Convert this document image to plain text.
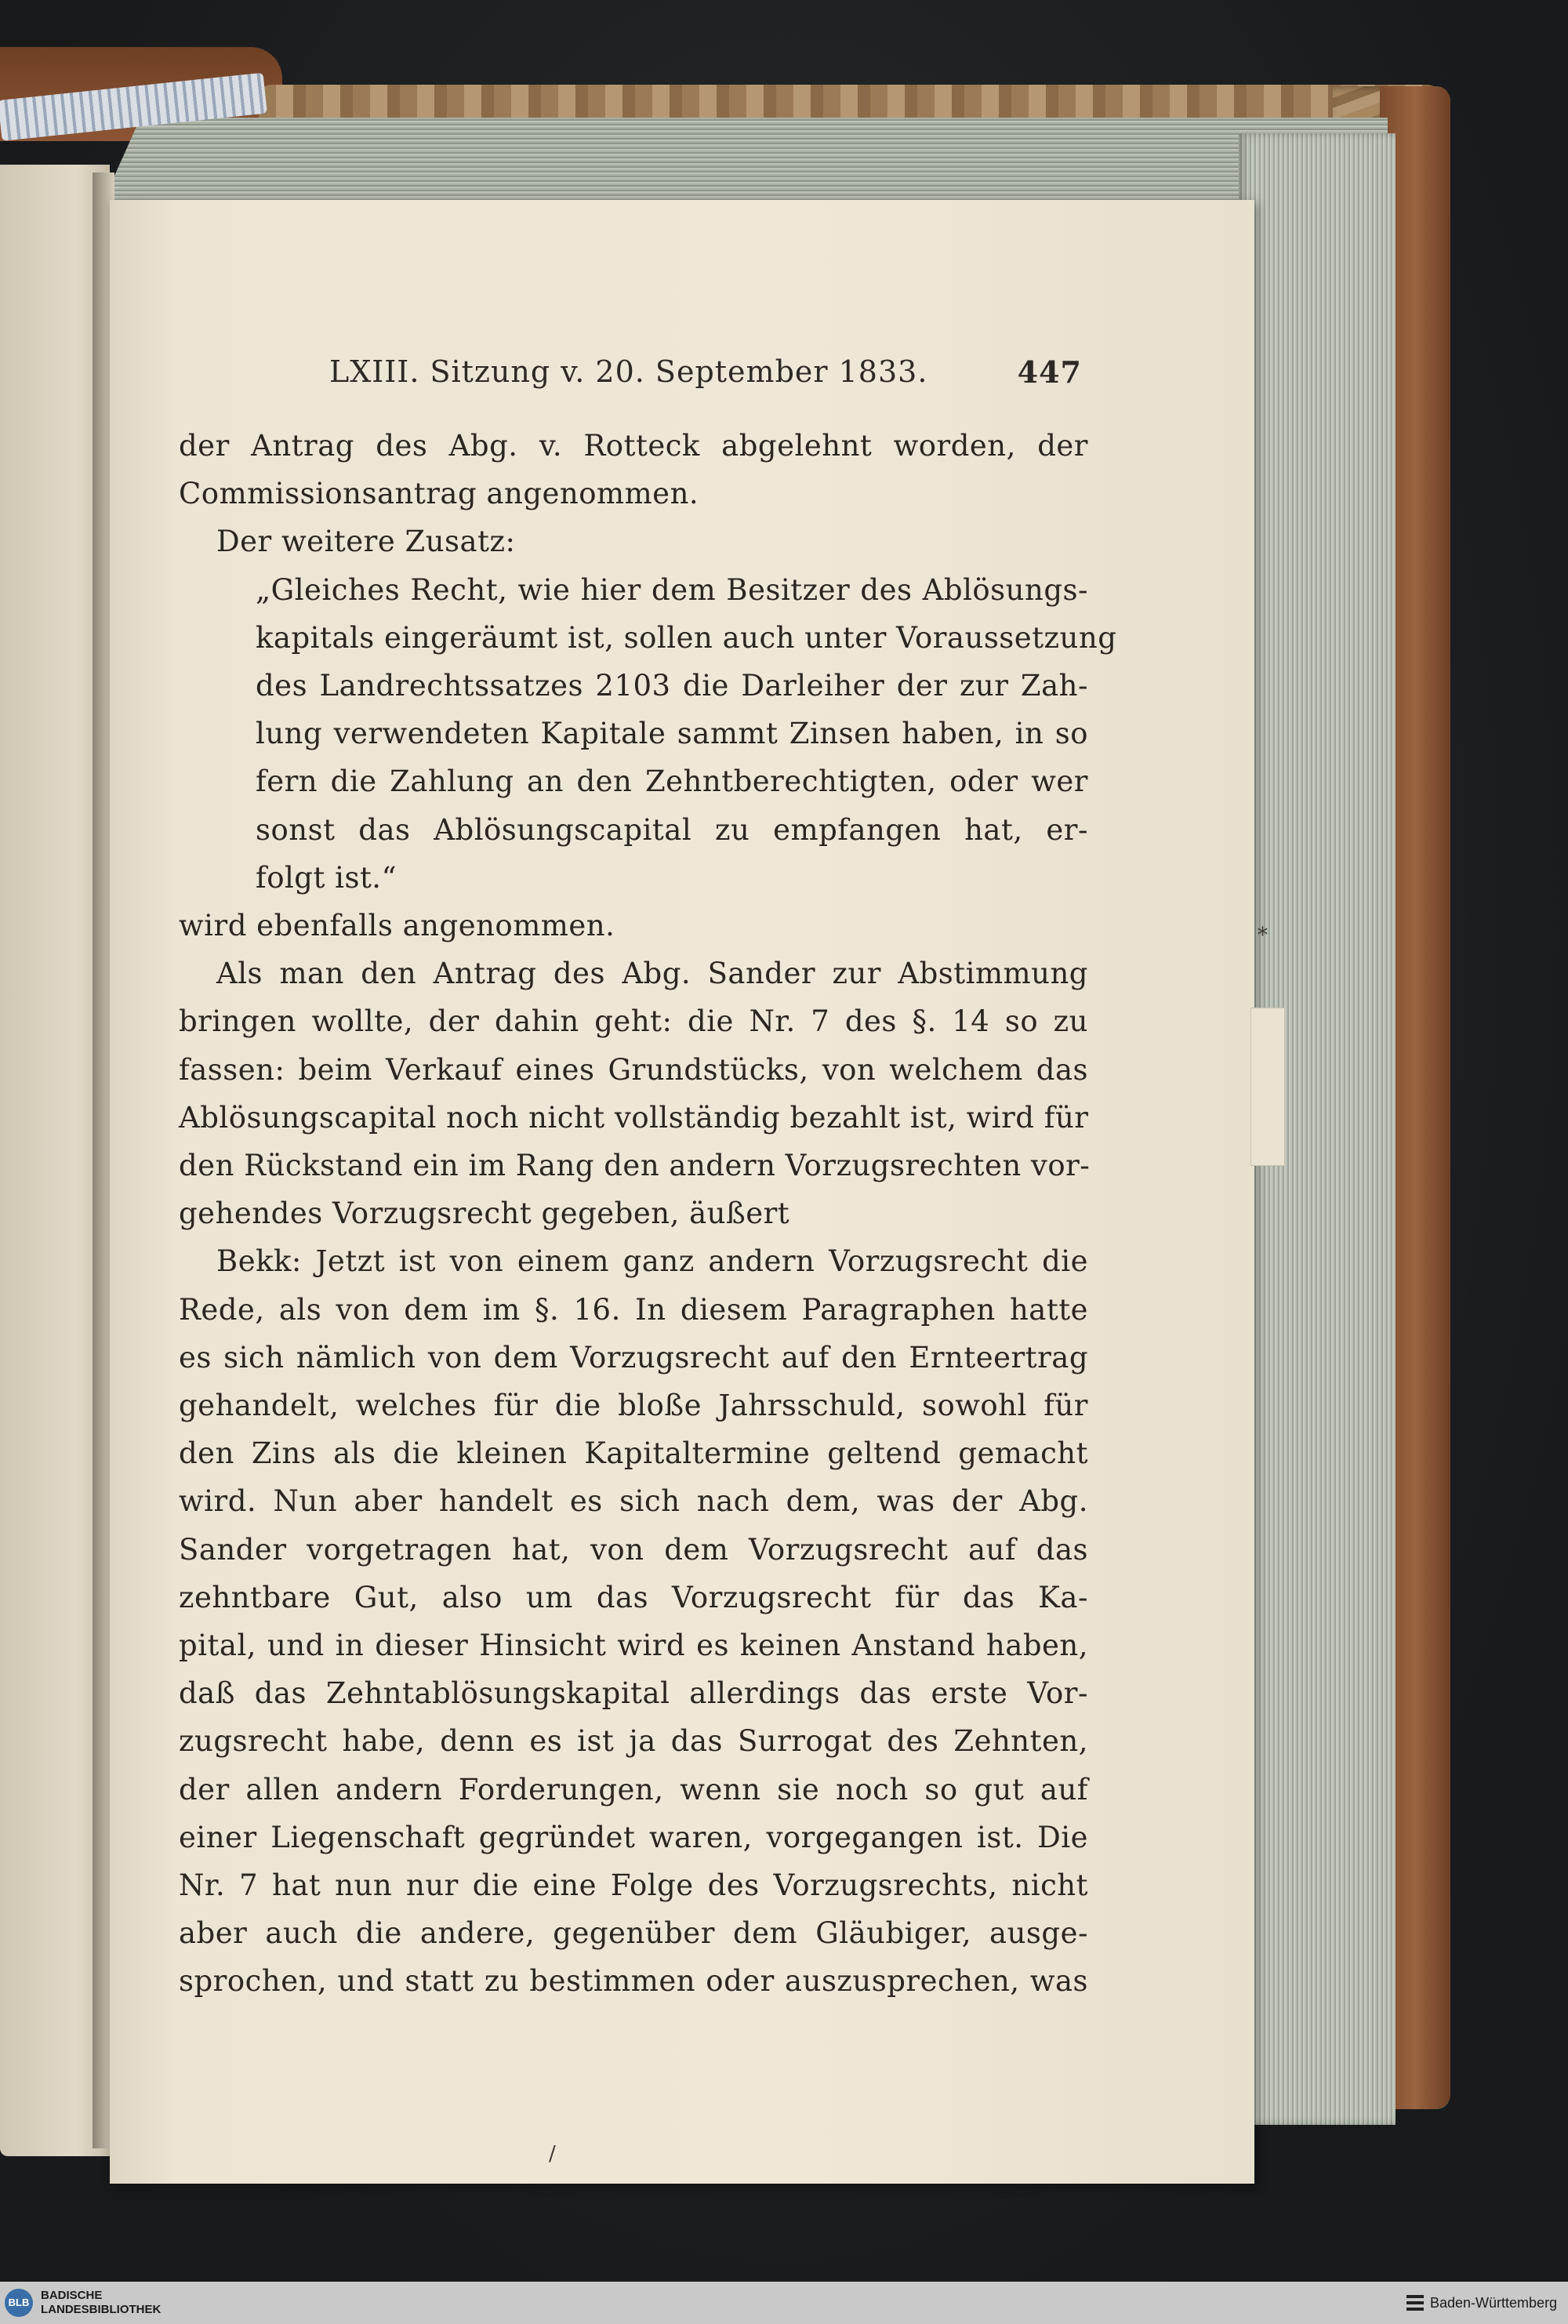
LXIII. Sitzung v. 20. September 1833.	447
der Antrag des Abg. v. Rotteck abgelehnt worden, der
Commissionsantrag angenommen.
Der weitere Zusatz:
„Gleiches Recht, wie hier dem Besitzer des Ablösungs-
kapitals eingeräumt ist, sollen auch unter Voraussetzung
des Landrechtssatzes 2103 die Darleiher der zur Zah-
lung verwendeten Kapitale sammt Zinsen haben, in so
fern die Zahlung an den Zehntberechtigten, oder wer
sonst das Ablösungscapital zu empfangen hat, er-
folgt ist.“
wird ebenfalls angenommen.
Als man den Antrag des Abg. Sander zur Abstimmung
bringen wollte, der dahin geht: die Nr. 7 des §. 14 so zu
fassen: beim Verkauf eines Grundstücks, von welchem das
Ablösungscapital noch nicht vollständig bezahlt ist, wird für
den Rückstand ein im Rang den andern Vorzugsrechten vor-
gehendes Vorzugsrecht gegeben, äußert
Bekk: Jetzt ist von einem ganz andern Vorzugsrecht die
Rede, als von dem im §. 16. In diesem Paragraphen hatte
es sich nämlich von dem Vorzugsrecht auf den Ernteertrag
gehandelt, welches für die bloße Jahrsschuld, sowohl für
den Zins als die kleinen Kapitaltermine geltend gemacht
wird. Nun aber handelt es sich nach dem, was der Abg.
Sander vorgetragen hat, von dem Vorzugsrecht auf das
zehntbare Gut, also um das Vorzugsrecht für das Ka-
pital, und in dieser Hinsicht wird es keinen Anstand haben,
daß das Zehntablösungskapital allerdings das erste Vor-
zugsrecht habe, denn es ist ja das Surrogat des Zehnten,
der allen andern Forderungen, wenn sie noch so gut auf
einer Liegenschaft gegründet waren, vorgegangen ist. Die
Nr. 7 hat nun nur die eine Folge des Vorzugsrechts, nicht
aber auch die andere, gegenüber dem Gläubiger, ausge-
sprochen, und statt zu bestimmen oder auszusprechen, was
*
/
BLB
BADISCHE
LANDESBIBLIOTHEK	Baden-Württemberg
